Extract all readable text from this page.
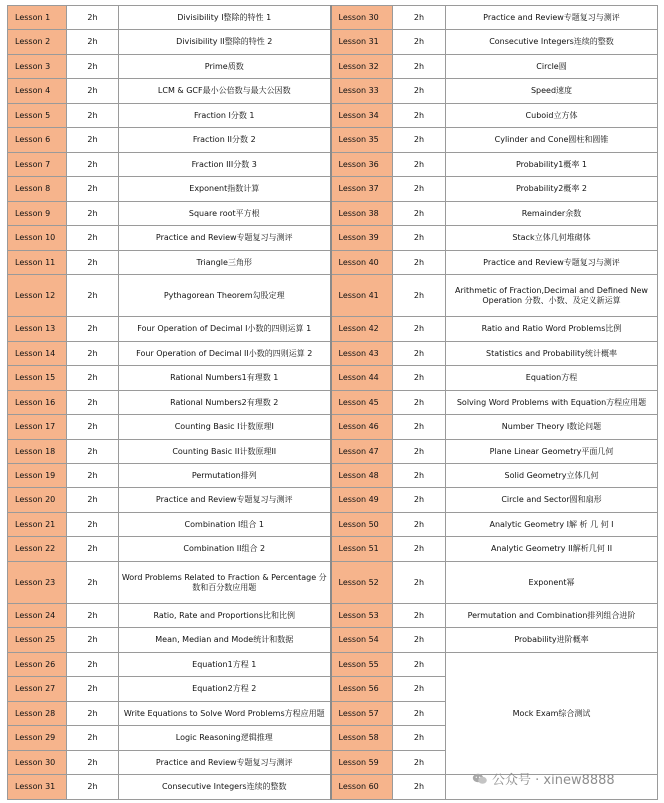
Lesson 1	2h	Divisibility I整除的特性 1	Lesson 30	2h	Practice and Review专题复习与测评
Lesson 2	2h	Divisibility II整除的特性 2	Lesson 31	2h	Consecutive Integers连续的整数
Lesson 3	2h	Prime质数	Lesson 32	2h	Circle圆
Lesson 4	2h	LCM & GCF最小公倍数与最大公因数	Lesson 33	2h	Speed速度
Lesson 5	2h	Fraction I分数 1	Lesson 34	2h	Cuboid立方体
Lesson 6	2h	Fraction II分数 2	Lesson 35	2h	Cylinder and Cone圆柱和圆锥
Lesson 7	2h	Fraction III分数 3	Lesson 36	2h	Probability1概率 1
Lesson 8	2h	Exponent指数计算	Lesson 37	2h	Probability2概率 2
Lesson 9	2h	Square root平方根	Lesson 38	2h	Remainder余数
Lesson 10	2h	Practice and Review专题复习与测评	Lesson 39	2h	Stack立体几何堆砌体
Lesson 11	2h	Triangle三角形	Lesson 40	2h	Practice and Review专题复习与测评
Lesson 12	2h	Pythagorean Theorem勾股定理	Lesson 41	2h	Arithmetic of Fraction,Decimal and Defined New Operation 分数、小数、及定义新运算
Lesson 13	2h	Four Operation of Decimal I小数的四则运算 1	Lesson 42	2h	Ratio and Ratio Word Problems比例
Lesson 14	2h	Four Operation of Decimal II小数的四则运算 2	Lesson 43	2h	Statistics and Probability统计概率
Lesson 15	2h	Rational Numbers1有理数 1	Lesson 44	2h	Equation方程
Lesson 16	2h	Rational Numbers2有理数 2	Lesson 45	2h	Solving Word Problems with Equation方程应用题
Lesson 17	2h	Counting Basic I计数原理I	Lesson 46	2h	Number Theory I数论问题
Lesson 18	2h	Counting Basic II计数原理II	Lesson 47	2h	Plane Linear Geometry平面几何
Lesson 19	2h	Permutation排列	Lesson 48	2h	Solid Geometry立体几何
Lesson 20	2h	Practice and Review专题复习与测评	Lesson 49	2h	Circle and Sector圆和扇形
Lesson 21	2h	Combination I组合 1	Lesson 50	2h	Analytic Geometry I解 析 几 何 I
Lesson 22	2h	Combination II组合 2	Lesson 51	2h	Analytic Geometry II解析几何 II
Lesson 23	2h	Word Problems Related to Fraction & Percentage 分数和百分数应用题	Lesson 52	2h	Exponent幂
Lesson 24	2h	Ratio, Rate and Proportions比和比例	Lesson 53	2h	Permutation and Combination排列组合进阶
Lesson 25	2h	Mean, Median and Mode统计和数据	Lesson 54	2h	Probability进阶概率
Lesson 26	2h	Equation1方程 1	Lesson 55	2h	Mock Exam综合测试
Lesson 27	2h	Equation2方程 2	Lesson 56	2h	
Lesson 28	2h	Write Equations to Solve Word Problems方程应用题	Lesson 57	2h	
Lesson 29	2h	Logic Reasoning逻辑推理	Lesson 58	2h	
Lesson 30	2h	Practice and Review专题复习与测评	Lesson 59	2h	
Lesson 31	2h	Consecutive Integers连续的整数	Lesson 60	2h		公众号 · xinew8888
